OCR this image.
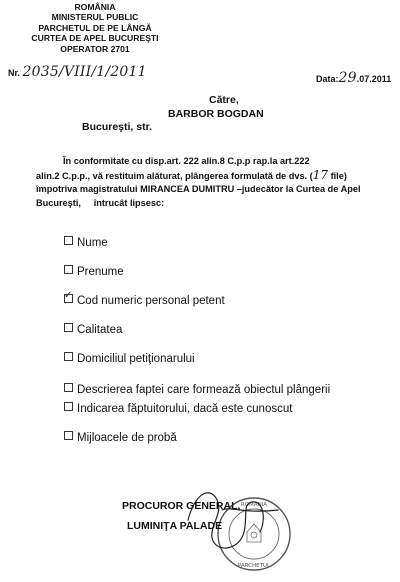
ROMÂNIA
MINISTERUL PUBLIC
PARCHETUL DE PE LÂNGĂ
CURTEA DE APEL BUCUREŞTI
OPERATOR 2701
Nr. 2035/VIII/1/2011	Data:29.07.2011
Către,
BARBOR BOGDAN
Bucureşti, str.
În conformitate cu disp.art. 222 alin.8 C.p.p rap.la art.222
alin.2 C.p.p., vă restituim alăturat, plângerea formulată de dvs. (17 file)
împotriva magistratului MIRANCEA DUMITRU –judecător la Curtea de Apel
Bucureşti, întrucât lipsesc:
Nume
Prenume
✓Cod numeric personal petent
Calitatea
Domiciliul petiţionarului
Descrierea faptei care formează obiectul plângerii
Indicarea făptuitorului, dacă este cunoscut
Mijloacele de probă
ROMANIA
PARCHETUL
PROCUROR GENERAL,
LUMINIŢA PALADE
